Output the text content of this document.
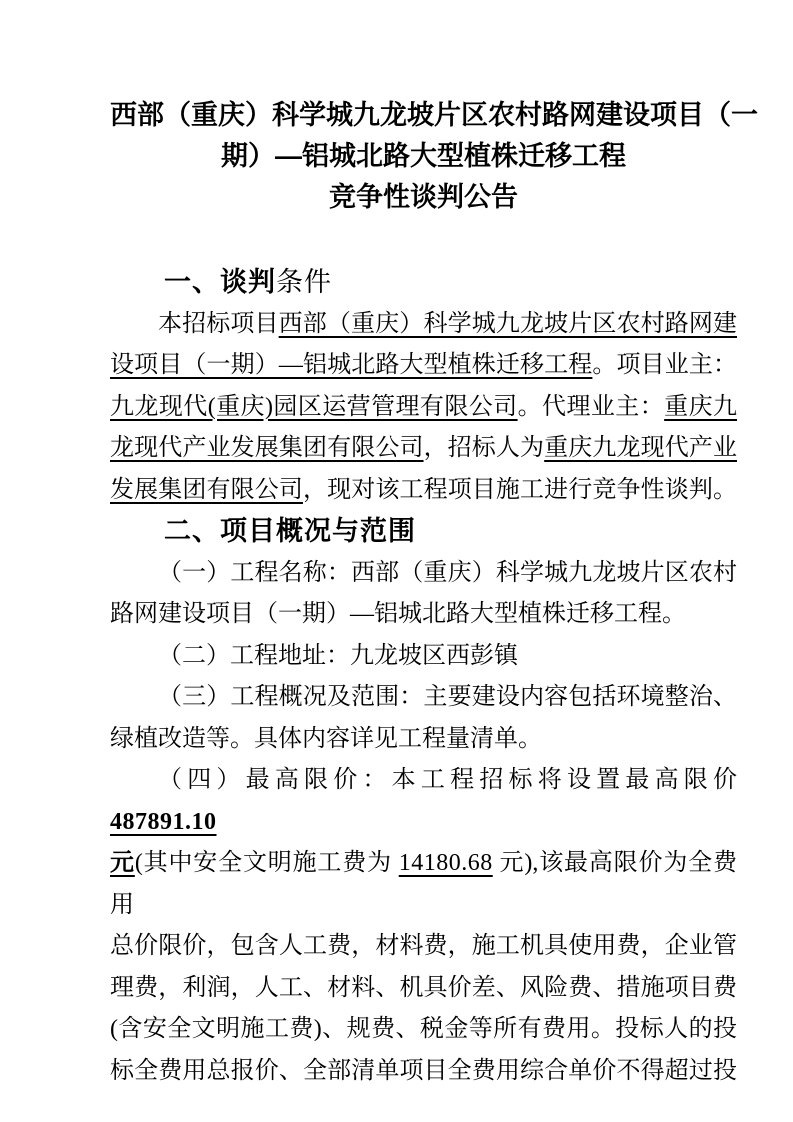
西部（重庆）科学城九龙坡片区农村路网建设项目（一
期）—铝城北路大型植株迁移工程
竞争性谈判公告
一、谈判条件
本招标项目西部（重庆）科学城九龙坡片区农村路网建
设项目（一期）—铝城北路大型植株迁移工程。项目业主：
九龙现代(重庆)园区运营管理有限公司。代理业主：重庆九
龙现代产业发展集团有限公司，招标人为重庆九龙现代产业
发展集团有限公司，现对该工程项目施工进行竞争性谈判。
二、项目概况与范围
（一）工程名称：西部（重庆）科学城九龙坡片区农村
路网建设项目（一期）—铝城北路大型植株迁移工程。
（二）工程地址：九龙坡区西彭镇
（三）工程概况及范围：主要建设内容包括环境整治、
绿植改造等。具体内容详见工程量清单。
（四）最高限价：本工程招标将设置最高限价 487891.10
元(其中安全文明施工费为 14180.68 元),该最高限价为全费用
总价限价，包含人工费，材料费，施工机具使用费，企业管
理费，利润，人工、材料、机具价差、风险费、措施项目费
(含安全文明施工费)、规费、税金等所有费用。投标人的投
标全费用总报价、全部清单项目全费用综合单价不得超过投
